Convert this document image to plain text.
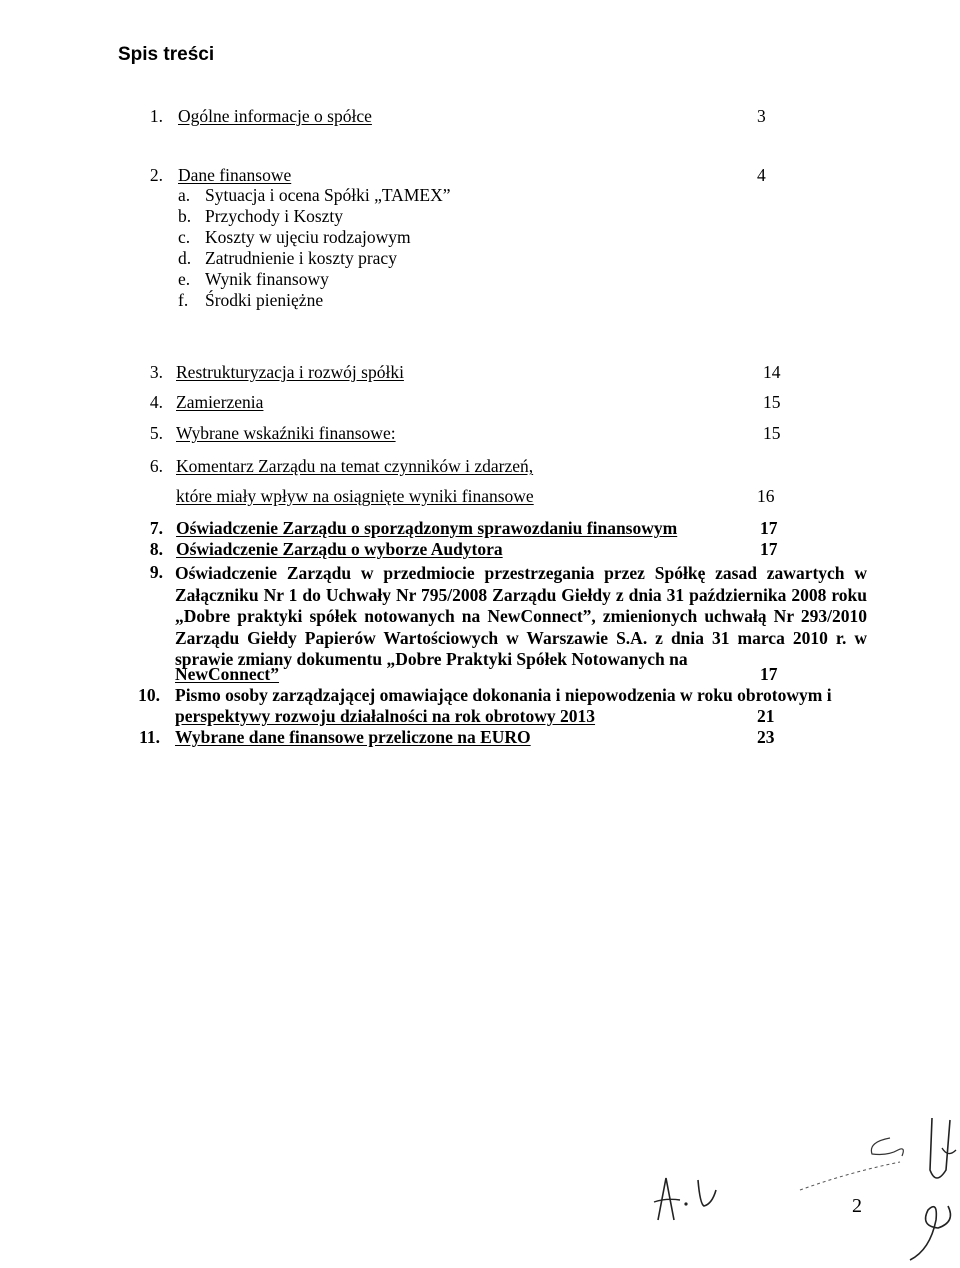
Spis treści
1. Ogólne informacje o spółce	3
2. Dane finansowe	4
a. Sytuacja i ocena Spółki „TAMEX”
b. Przychody i Koszty
c. Koszty w ujęciu rodzajowym
d. Zatrudnienie i koszty pracy
e. Wynik finansowy
f. Środki pieniężne
3. Restrukturyzacja i rozwój spółki	14
4. Zamierzenia	15
5. Wybrane wskaźniki finansowe:	15
6. Komentarz Zarządu na temat czynników i zdarzeń,
które miały wpływ na osiągnięte wyniki finansowe	16
7. Oświadczenie Zarządu o sporządzonym sprawozdaniu finansowym	17
8. Oświadczenie Zarządu o wyborze Audytora	17
9. Oświadczenie Zarządu w przedmiocie przestrzegania przez Spółkę zasad zawartych w Załączniku Nr 1 do Uchwały Nr 795/2008 Zarządu Giełdy z dnia 31 października 2008 roku „Dobre praktyki spółek notowanych na NewConnect”, zmienionych uchwałą Nr 293/2010 Zarządu Giełdy Papierów Wartościowych w Warszawie S.A. z dnia 31 marca 2010 r. w sprawie zmiany dokumentu „Dobre Praktyki Spółek Notowanych na
NewConnect”	17
10. Pismo osoby zarządzającej omawiające dokonania i niepowodzenia w roku obrotowym i
perspektywy rozwoju działalności na rok obrotowy 2013	21
11. Wybrane dane finansowe przeliczone na EURO	23
2
